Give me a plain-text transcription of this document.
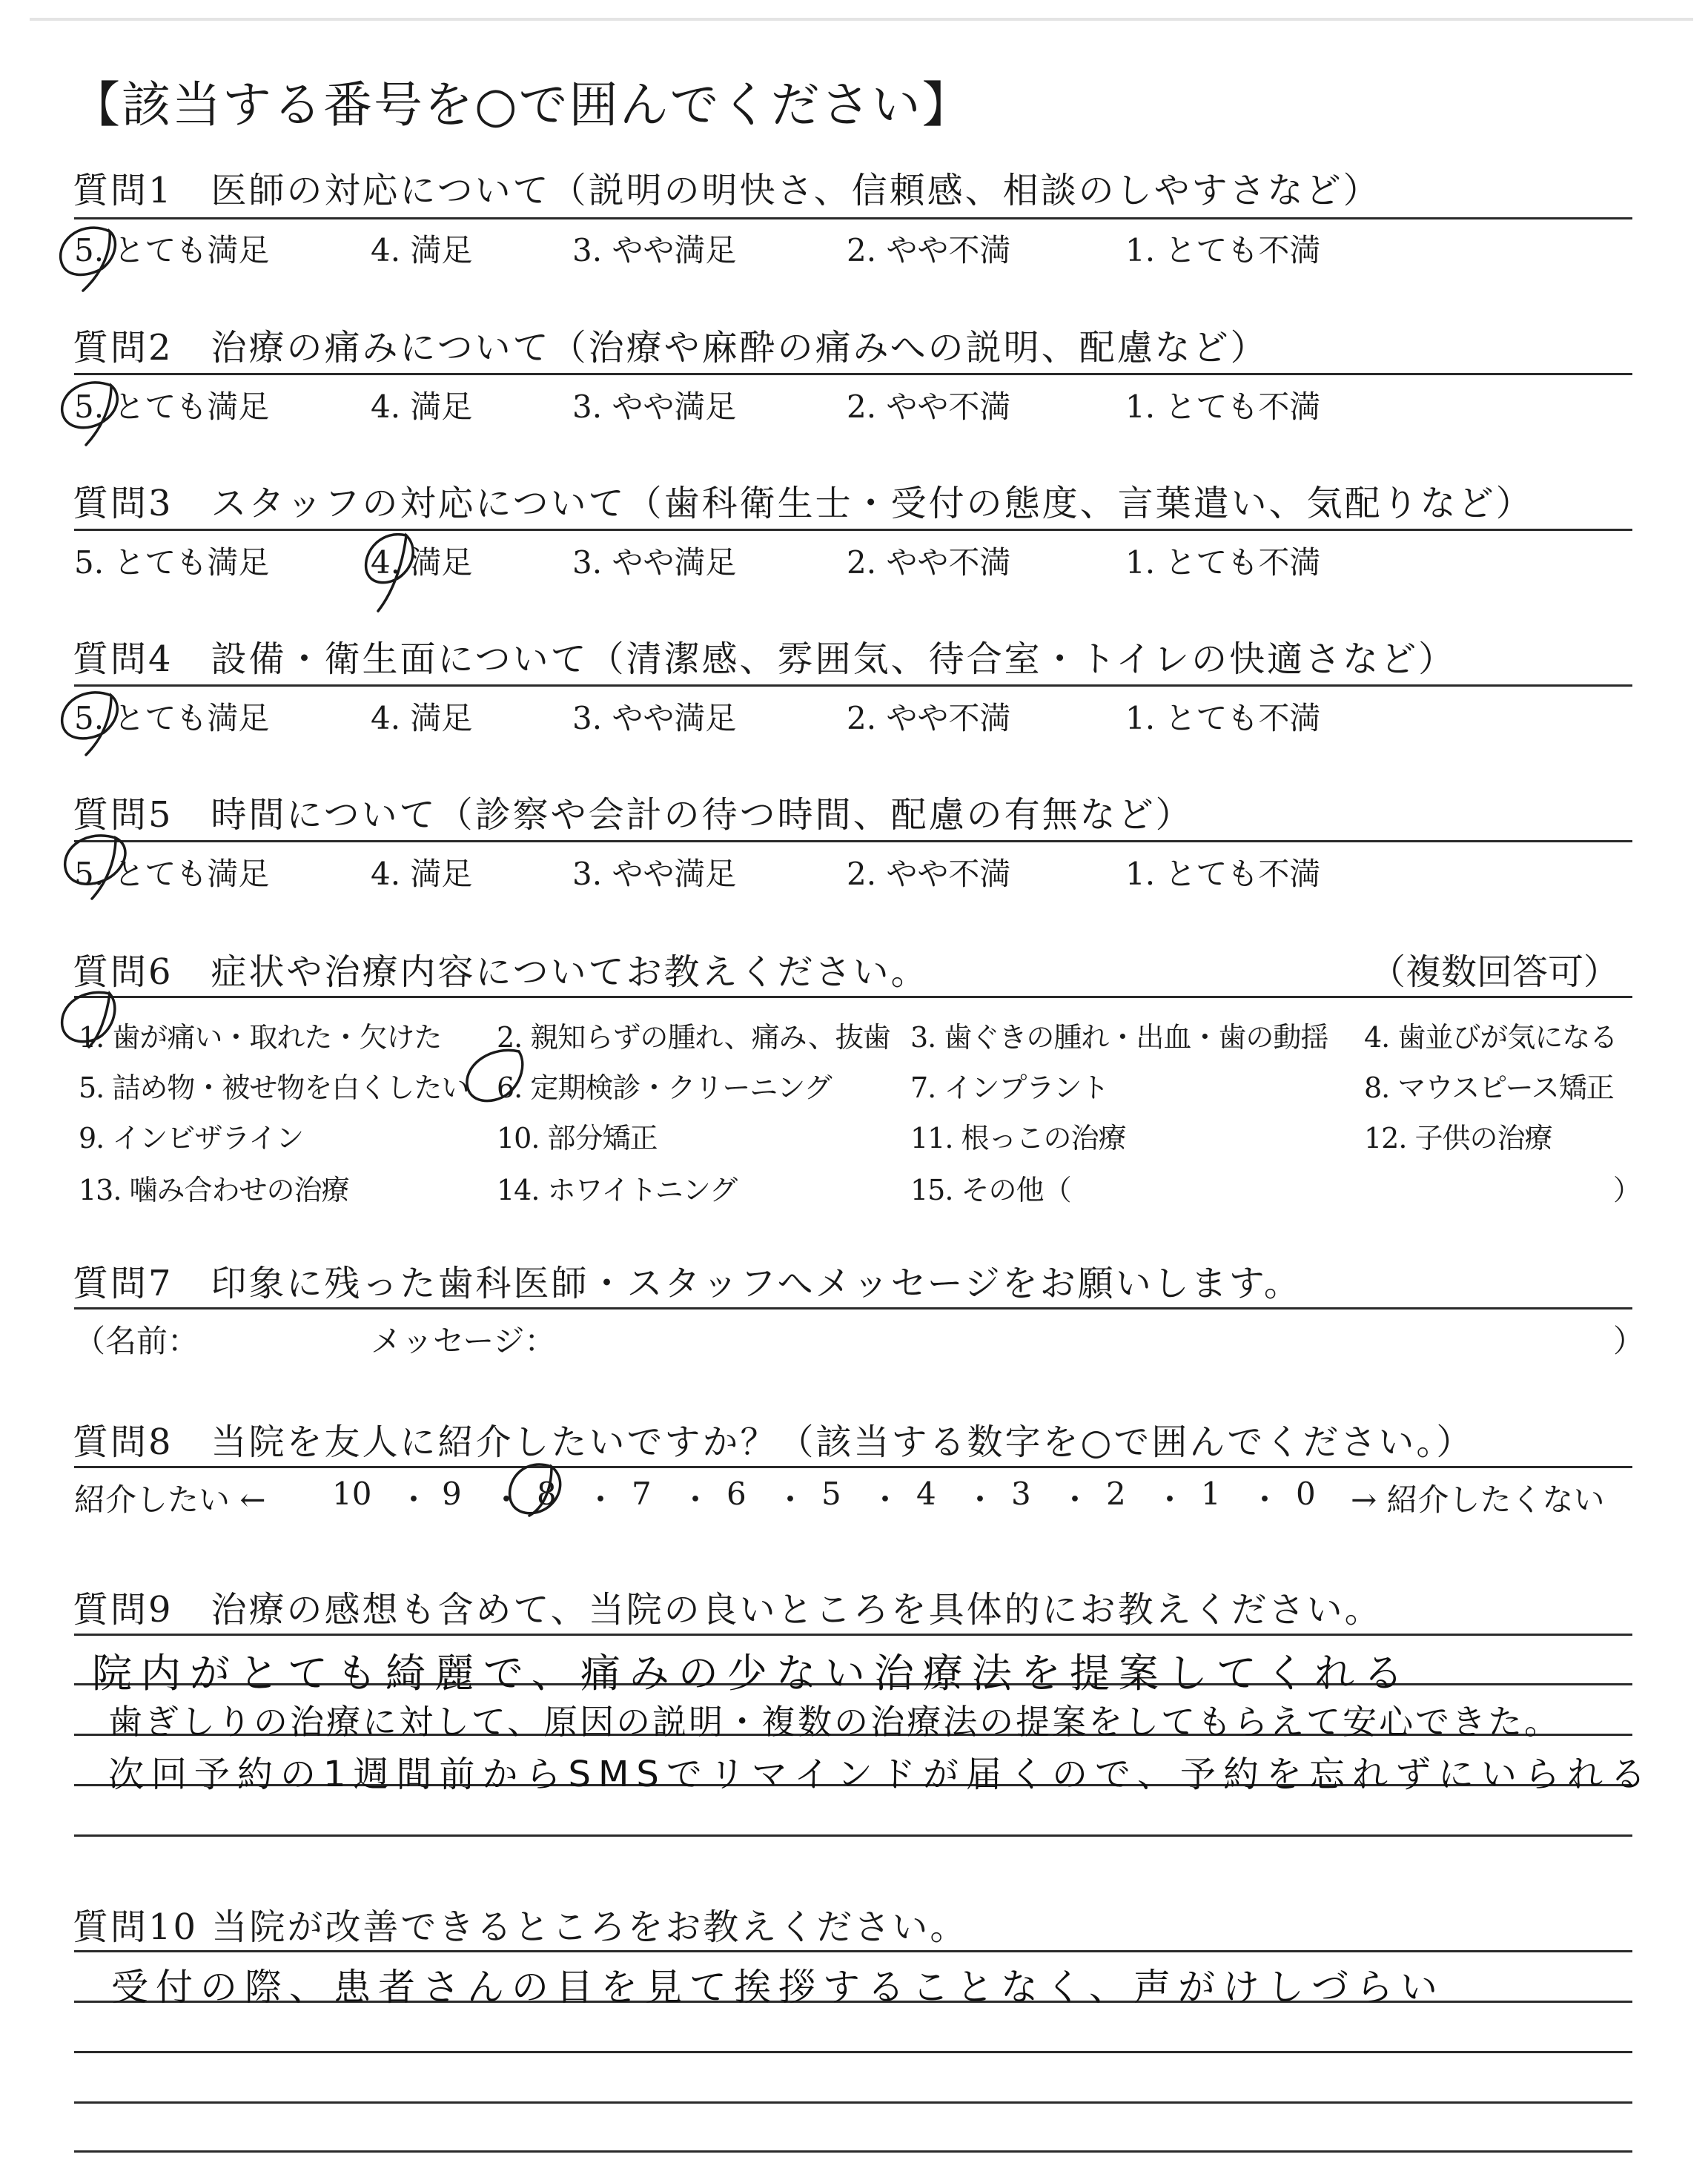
【該当する番号を○で囲んでください】
質問1　医師の対応について（説明の明快さ、信頼感、相談のしやすさなど）
5. とても満足	4. 満足	3. やや満足	2. やや不満	1. とても不満
質問2　治療の痛みについて（治療や麻酔の痛みへの説明、配慮など）
5. とても満足	4. 満足	3. やや満足	2. やや不満	1. とても不満
質問3　スタッフの対応について（歯科衛生士・受付の態度、言葉遣い、気配りなど）
5. とても満足	4. 満足	3. やや満足	2. やや不満	1. とても不満
質問4　設備・衛生面について（清潔感、雰囲気、待合室・トイレの快適さなど）
5. とても満足	4. 満足	3. やや満足	2. やや不満	1. とても不満
質問5　時間について（診察や会計の待つ時間、配慮の有無など）
5. とても満足	4. 満足	3. やや満足	2. やや不満	1. とても不満
質問6　症状や治療内容についてお教えください。	（複数回答可）
1. 歯が痛い・取れた・欠けた 2. 親知らずの腫れ、痛み、抜歯 3. 歯ぐきの腫れ・出血・歯の動揺 4. 歯並びが気になる
5. 詰め物・被せ物を白くしたい 6. 定期検診・クリーニング	7. インプラント	8. マウスピース矯正
9. インビザライン	10. 部分矯正	11. 根っこの治療	12. 子供の治療
13. 噛み合わせの治療	14. ホワイトニング	15. その他（	）
質問7　印象に残った歯科医師・スタッフへメッセージをお願いします。
（名前：	メッセージ：	）
質問8　当院を友人に紹介したいですか？（該当する数字を○で囲んでください。）
紹介したい ← 10 ・ 9 ・ 8 ・ 7 ・ 6 ・ 5 ・ 4 ・ 3 ・ 2 ・ 1 ・ 0 → 紹介したくない
質問9　治療の感想も含めて、当院の良いところを具体的にお教えください。
院内がとても綺麗で、痛みの少ない治療法を提案してくれる
歯ぎしりの治療に対して、原因の説明・複数の治療法の提案をしてもらえて安心できた。
次回予約の1週間前からSMSでリマインドが届くので、予約を忘れずにいられる
質問10 当院が改善できるところをお教えください。
受付の際、患者さんの目を見て挨拶することなく、声がけしづらい
